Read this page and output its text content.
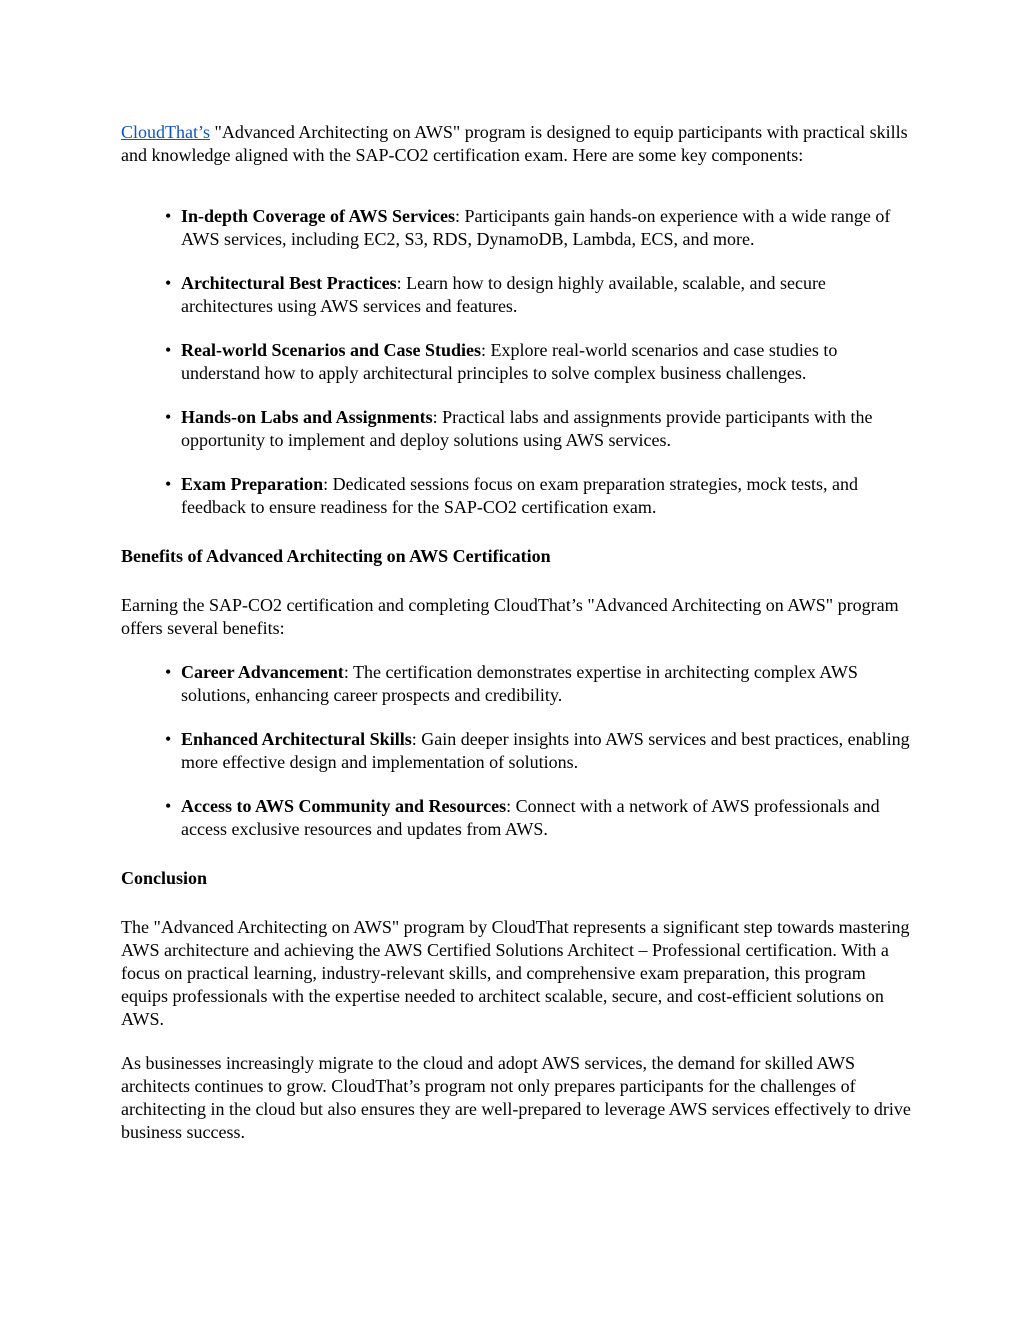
CloudThat’s "Advanced Architecting on AWS" program is designed to equip participants with practical skills and knowledge aligned with the SAP-CO2 certification exam. Here are some key components:

• In-depth Coverage of AWS Services: Participants gain hands-on experience with a wide range of AWS services, including EC2, S3, RDS, DynamoDB, Lambda, ECS, and more.
• Architectural Best Practices: Learn how to design highly available, scalable, and secure architectures using AWS services and features.
• Real-world Scenarios and Case Studies: Explore real-world scenarios and case studies to understand how to apply architectural principles to solve complex business challenges.
• Hands-on Labs and Assignments: Practical labs and assignments provide participants with the opportunity to implement and deploy solutions using AWS services.
• Exam Preparation: Dedicated sessions focus on exam preparation strategies, mock tests, and feedback to ensure readiness for the SAP-CO2 certification exam.

Benefits of Advanced Architecting on AWS Certification

Earning the SAP-CO2 certification and completing CloudThat’s "Advanced Architecting on AWS" program offers several benefits:

• Career Advancement: The certification demonstrates expertise in architecting complex AWS solutions, enhancing career prospects and credibility.
• Enhanced Architectural Skills: Gain deeper insights into AWS services and best practices, enabling more effective design and implementation of solutions.
• Access to AWS Community and Resources: Connect with a network of AWS professionals and access exclusive resources and updates from AWS.

Conclusion

The "Advanced Architecting on AWS" program by CloudThat represents a significant step towards mastering AWS architecture and achieving the AWS Certified Solutions Architect – Professional certification. With a focus on practical learning, industry-relevant skills, and comprehensive exam preparation, this program equips professionals with the expertise needed to architect scalable, secure, and cost-efficient solutions on AWS.

As businesses increasingly migrate to the cloud and adopt AWS services, the demand for skilled AWS architects continues to grow. CloudThat’s program not only prepares participants for the challenges of architecting in the cloud but also ensures they are well-prepared to leverage AWS services effectively to drive business success.
